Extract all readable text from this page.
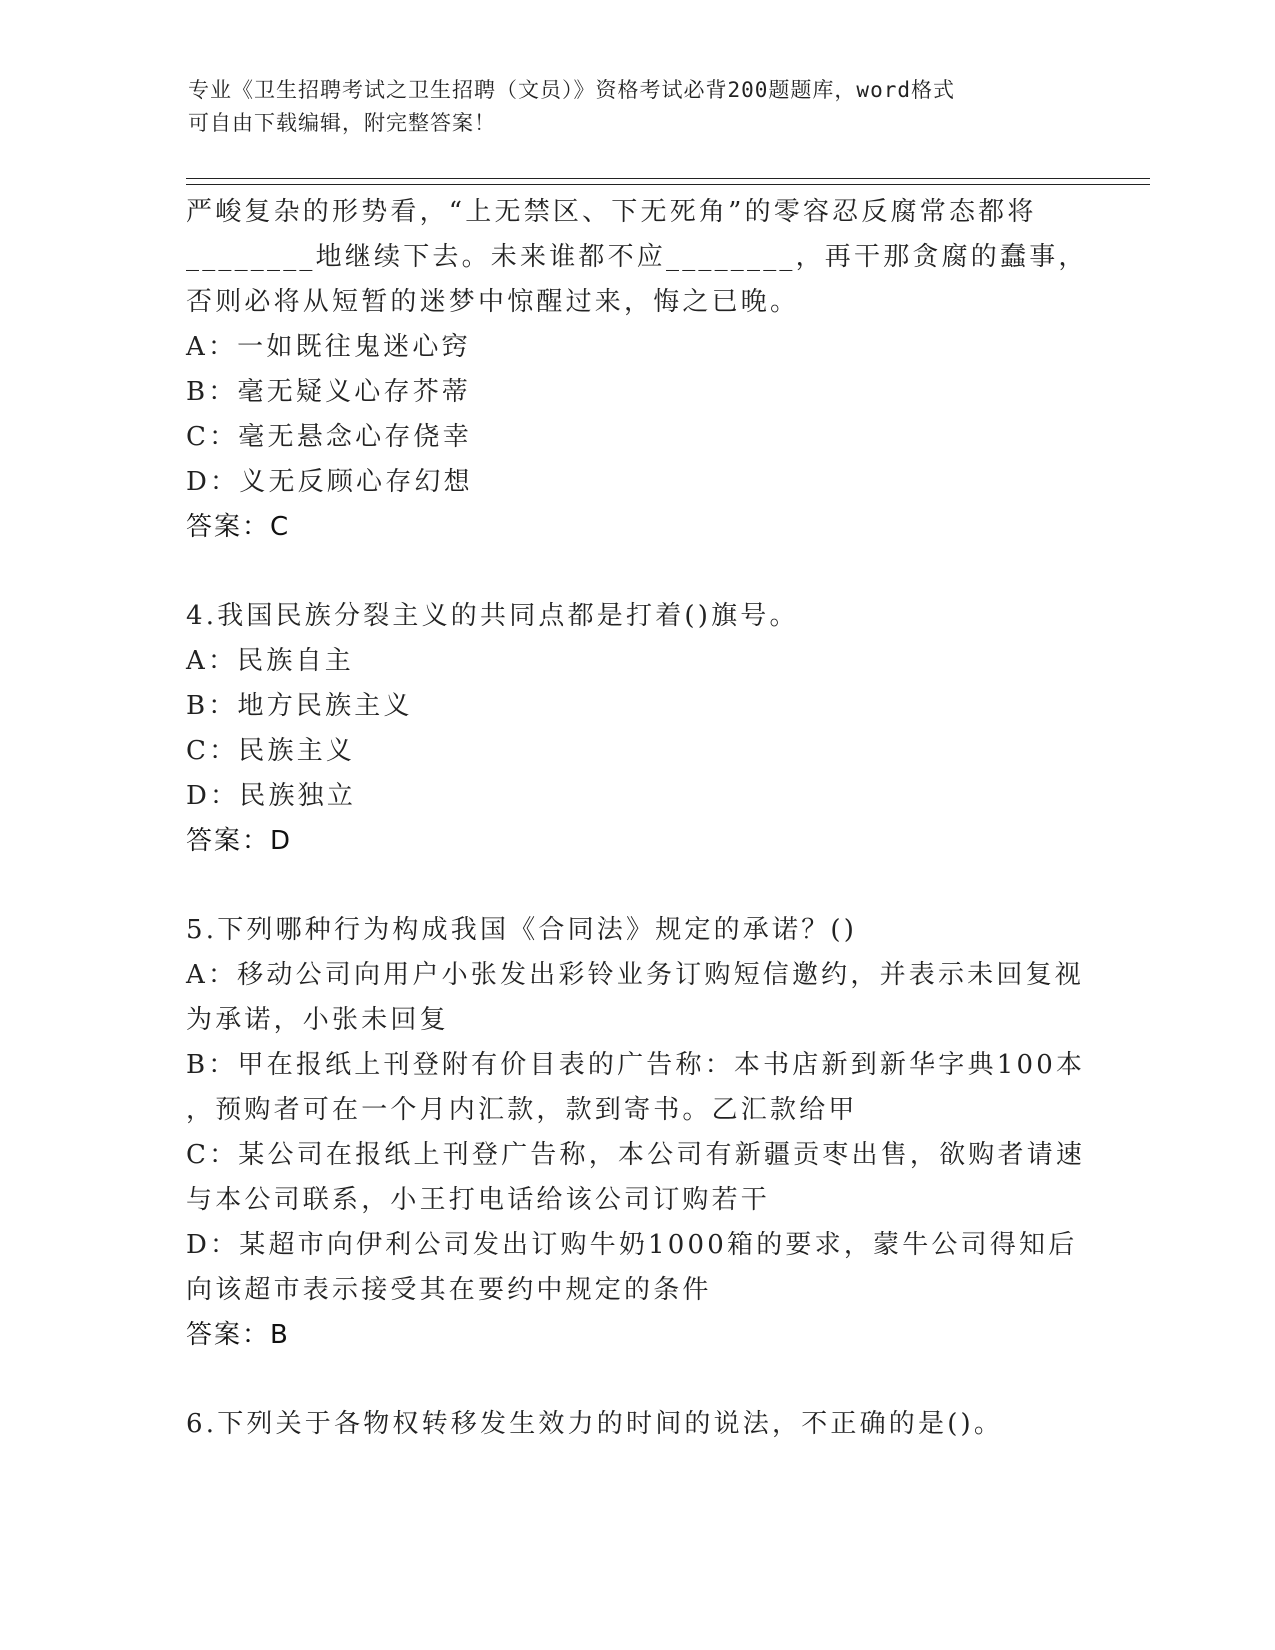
专业《卫生招聘考试之卫生招聘（文员）》资格考试必背200题题库，word格式
可自由下载编辑，附完整答案！
严峻复杂的形势看，“上无禁区、下无死角”的零容忍反腐常态都将
________地继续下去。未来谁都不应________，再干那贪腐的蠢事，
否则必将从短暂的迷梦中惊醒过来，悔之已晚。
A：一如既往鬼迷心窍
B：毫无疑义心存芥蒂
C：毫无悬念心存侥幸
D：义无反顾心存幻想
答案：C
4.我国民族分裂主义的共同点都是打着()旗号。
A：民族自主
B：地方民族主义
C：民族主义
D：民族独立
答案：D
5.下列哪种行为构成我国《合同法》规定的承诺？()
A：移动公司向用户小张发出彩铃业务订购短信邀约，并表示未回复视
为承诺，小张未回复
B：甲在报纸上刊登附有价目表的广告称：本书店新到新华字典100本
，预购者可在一个月内汇款，款到寄书。乙汇款给甲
C：某公司在报纸上刊登广告称，本公司有新疆贡枣出售，欲购者请速
与本公司联系，小王打电话给该公司订购若干
D：某超市向伊利公司发出订购牛奶1000箱的要求，蒙牛公司得知后
向该超市表示接受其在要约中规定的条件
答案：B
6.下列关于各物权转移发生效力的时间的说法，不正确的是()。
